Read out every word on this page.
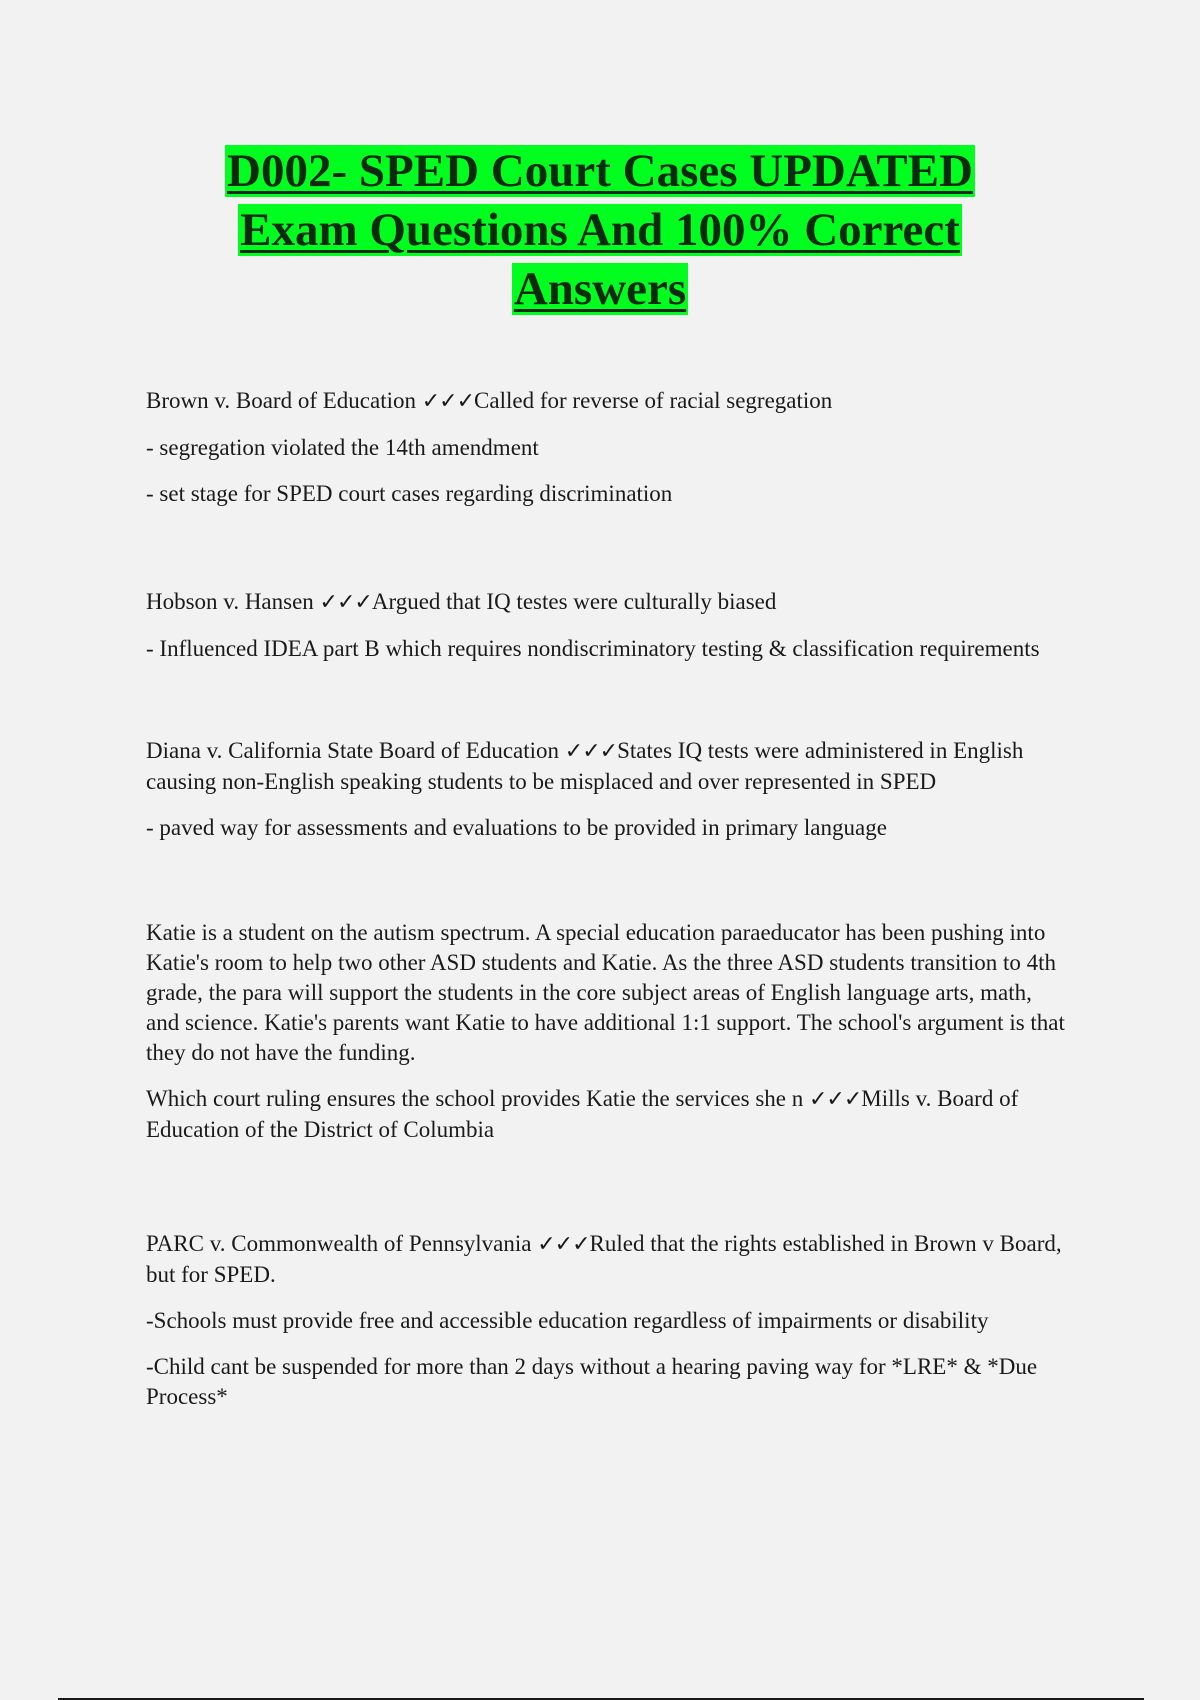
D002- SPED Court Cases UPDATED
Exam Questions And 100% Correct
Answers

Brown v. Board of Education ✓✓✓Called for reverse of racial segregation

- segregation violated the 14th amendment

- set stage for SPED court cases regarding discrimination

Hobson v. Hansen ✓✓✓Argued that IQ testes were culturally biased

- Influenced IDEA part B which requires nondiscriminatory testing & classification requirements

Diana v. California State Board of Education ✓✓✓States IQ tests were administered in English causing non-English speaking students to be misplaced and over represented in SPED

- paved way for assessments and evaluations to be provided in primary language

Katie is a student on the autism spectrum. A special education paraeducator has been pushing into Katie's room to help two other ASD students and Katie. As the three ASD students transition to 4th grade, the para will support the students in the core subject areas of English language arts, math, and science. Katie's parents want Katie to have additional 1:1 support. The school's argument is that they do not have the funding.

Which court ruling ensures the school provides Katie the services she n ✓✓✓Mills v. Board of Education of the District of Columbia

PARC v. Commonwealth of Pennsylvania ✓✓✓Ruled that the rights established in Brown v Board, but for SPED.

-Schools must provide free and accessible education regardless of impairments or disability

-Child cant be suspended for more than 2 days without a hearing paving way for *LRE* & *Due Process*
